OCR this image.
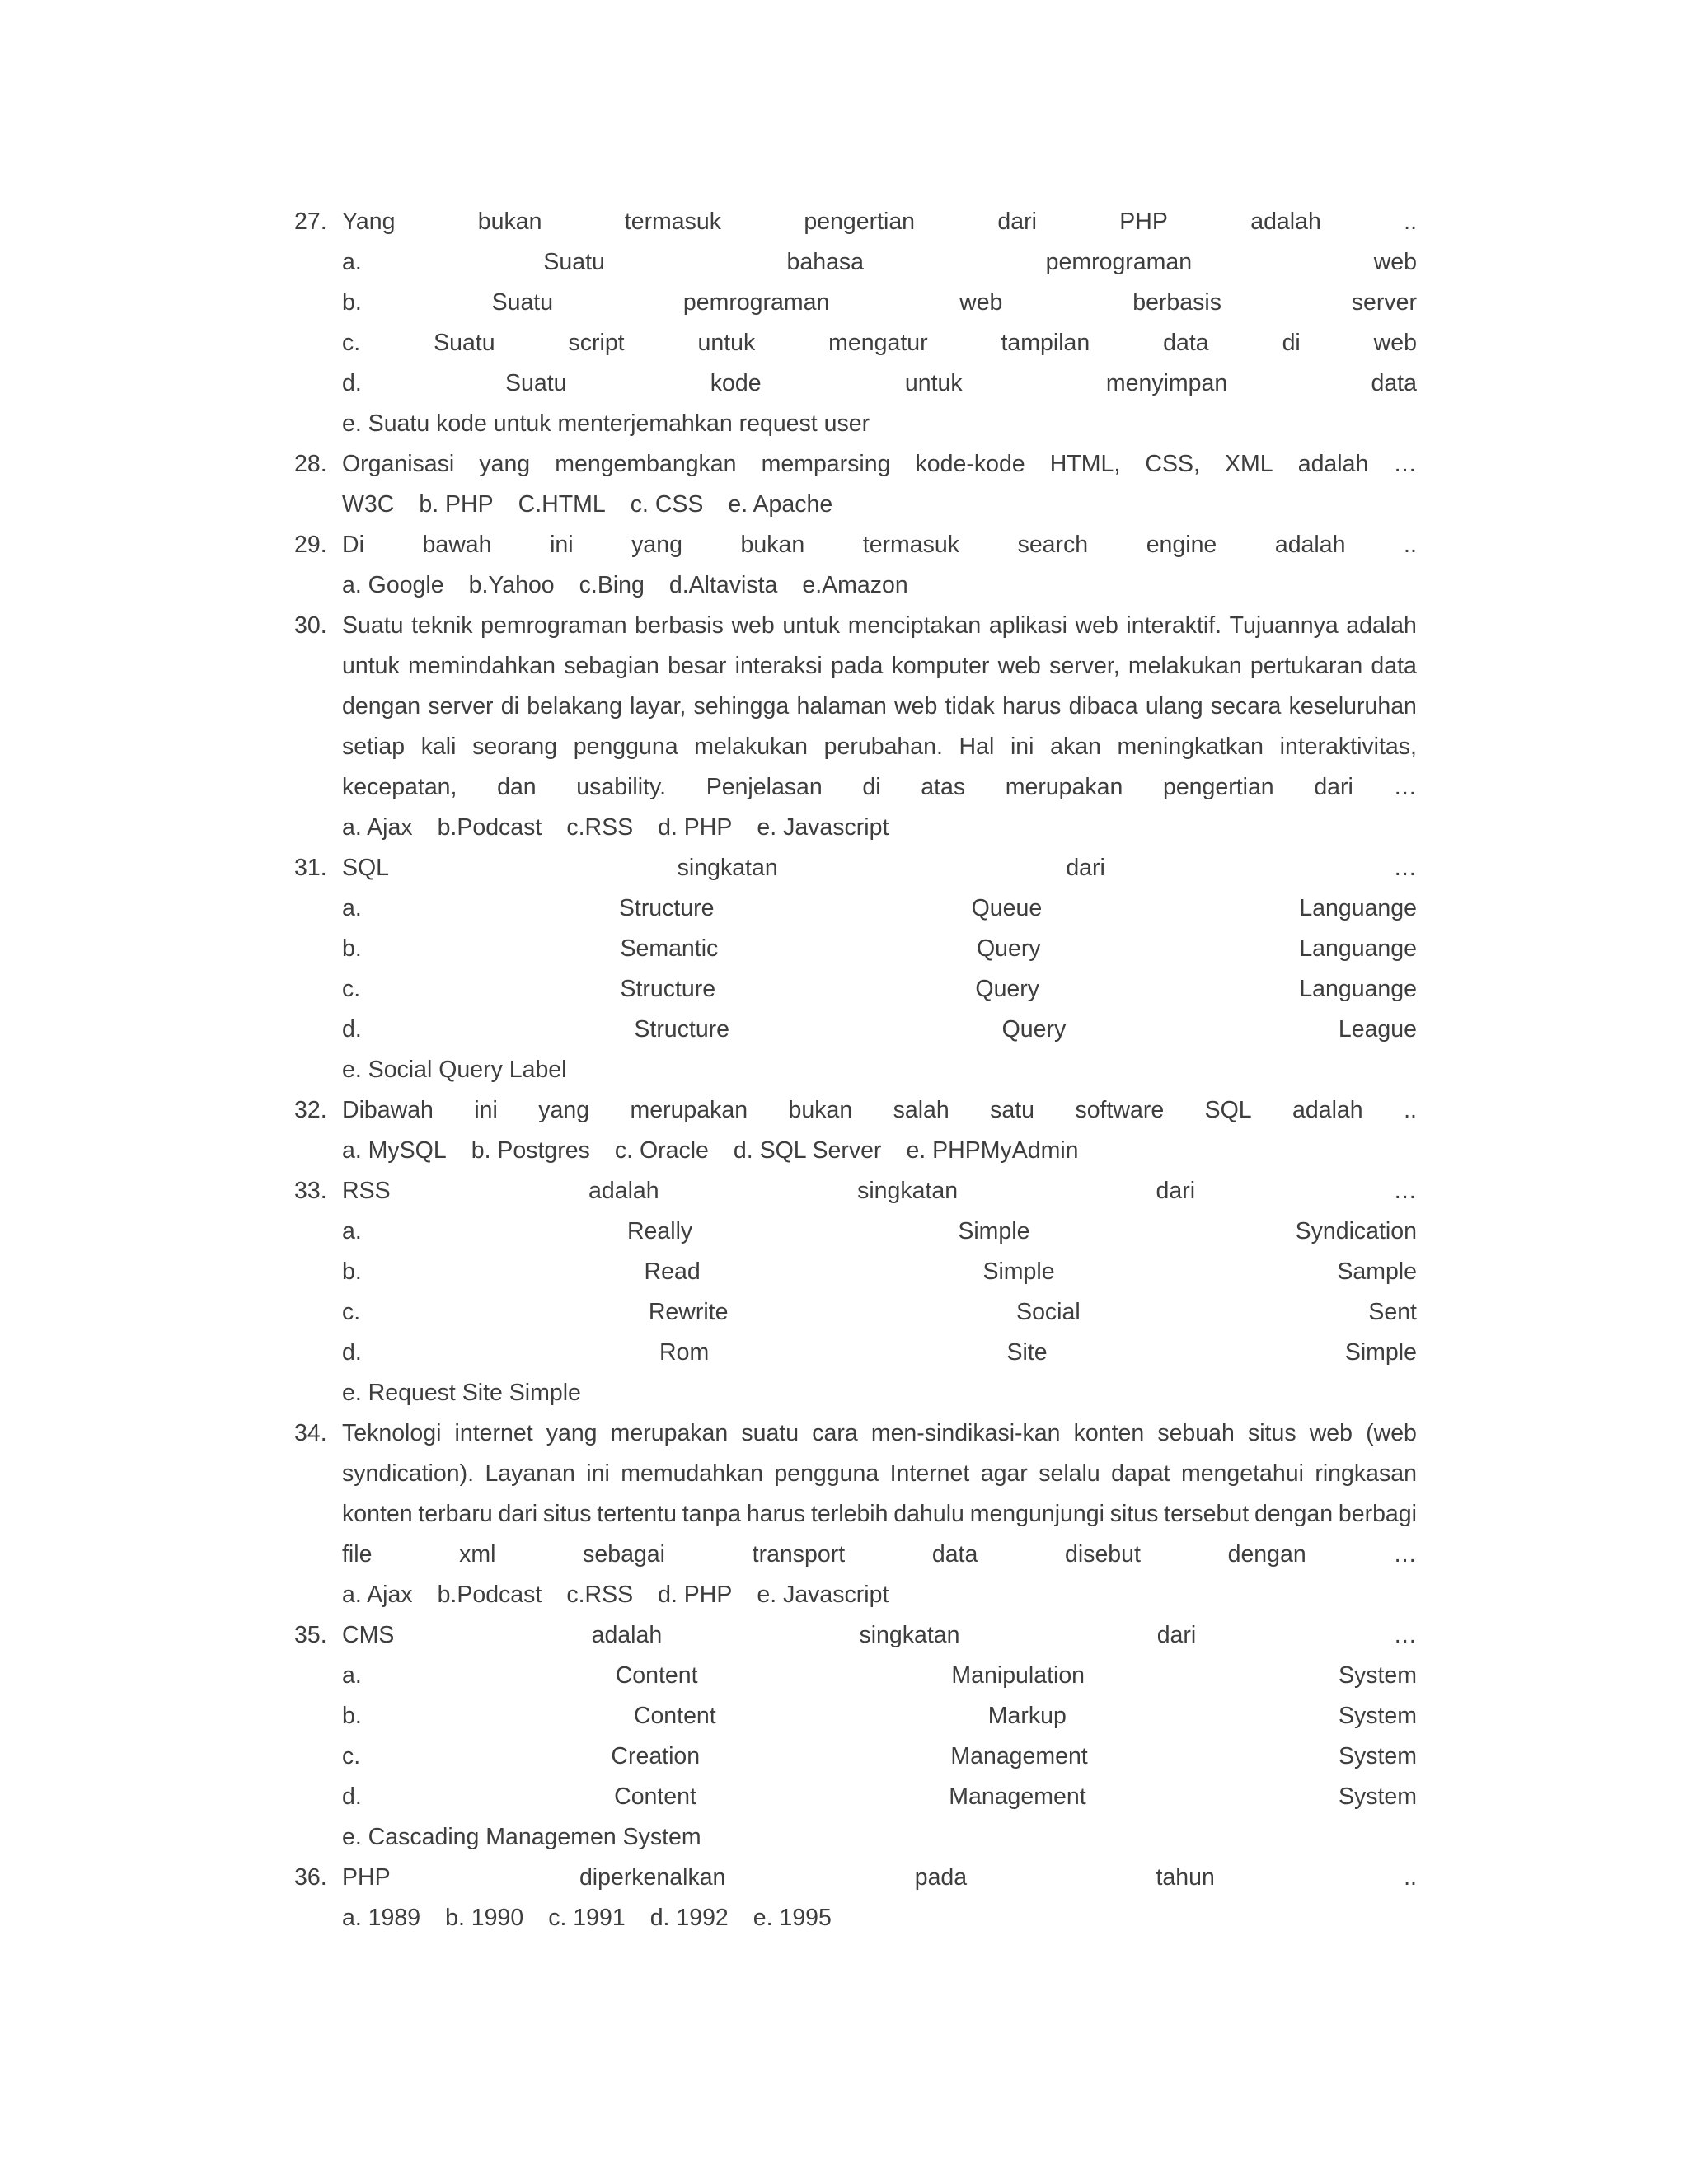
27. Yang	bukan	termasuk	pengertian	dari	PHP	adalah	..
a.	Suatu	bahasa	pemrograman	web
b.	Suatu	pemrograman	web	berbasis	server
c.	Suatu	script	untuk	mengatur	tampilan	data	di	web
d.	Suatu	kode	untuk	menyimpan	data
e. Suatu kode untuk menterjemahkan request user
28. Organisasi yang mengembangkan memparsing kode-kode HTML, CSS, XML adalah …
W3C b. PHP C.HTML c. CSS e. Apache
29. Di bawah ini yang bukan termasuk search engine adalah ..
a. Google b.Yahoo c.Bing d.Altavista e.Amazon
30. Suatu teknik pemrograman berbasis web untuk menciptakan aplikasi web interaktif. Tujuannya adalah
untuk memindahkan sebagian besar interaksi pada komputer web server, melakukan pertukaran data
dengan server di belakang layar, sehingga halaman web tidak harus dibaca ulang secara keseluruhan
setiap kali seorang pengguna melakukan perubahan. Hal ini akan meningkatkan interaktivitas,
kecepatan, dan usability. Penjelasan di atas merupakan pengertian dari …
a. Ajax b.Podcast c.RSS d. PHP e. Javascript
31. SQL	singkatan	dari	…
a.	Structure	Queue	Languange
b.	Semantic	Query	Languange
c.	Structure	Query	Languange
d.	Structure	Query	League
e. Social Query Label
32. Dibawah ini yang merupakan bukan salah satu software SQL adalah ..
a. MySQL b. Postgres c. Oracle d. SQL Server e. PHPMyAdmin
33. RSS	adalah	singkatan	dari	…
a.	Really	Simple	Syndication
b.	Read	Simple	Sample
c.	Rewrite	Social	Sent
d.	Rom	Site	Simple
e. Request Site Simple
34. Teknologi internet yang merupakan suatu cara men-sindikasi-kan konten sebuah situs web (web
syndication). Layanan ini memudahkan pengguna Internet agar selalu dapat mengetahui ringkasan
konten terbaru dari situs tertentu tanpa harus terlebih dahulu mengunjungi situs tersebut dengan berbagi
file	xml	sebagai	transport	data	disebut	dengan	…
a. Ajax b.Podcast c.RSS d. PHP e. Javascript
35. CMS	adalah	singkatan	dari	…
a.	Content	Manipulation	System
b.	Content	Markup	System
c.	Creation	Management	System
d.	Content	Management	System
e. Cascading Managemen System
36. PHP	diperkenalkan	pada	tahun	..
a. 1989 b. 1990 c. 1991 d. 1992 e. 1995
